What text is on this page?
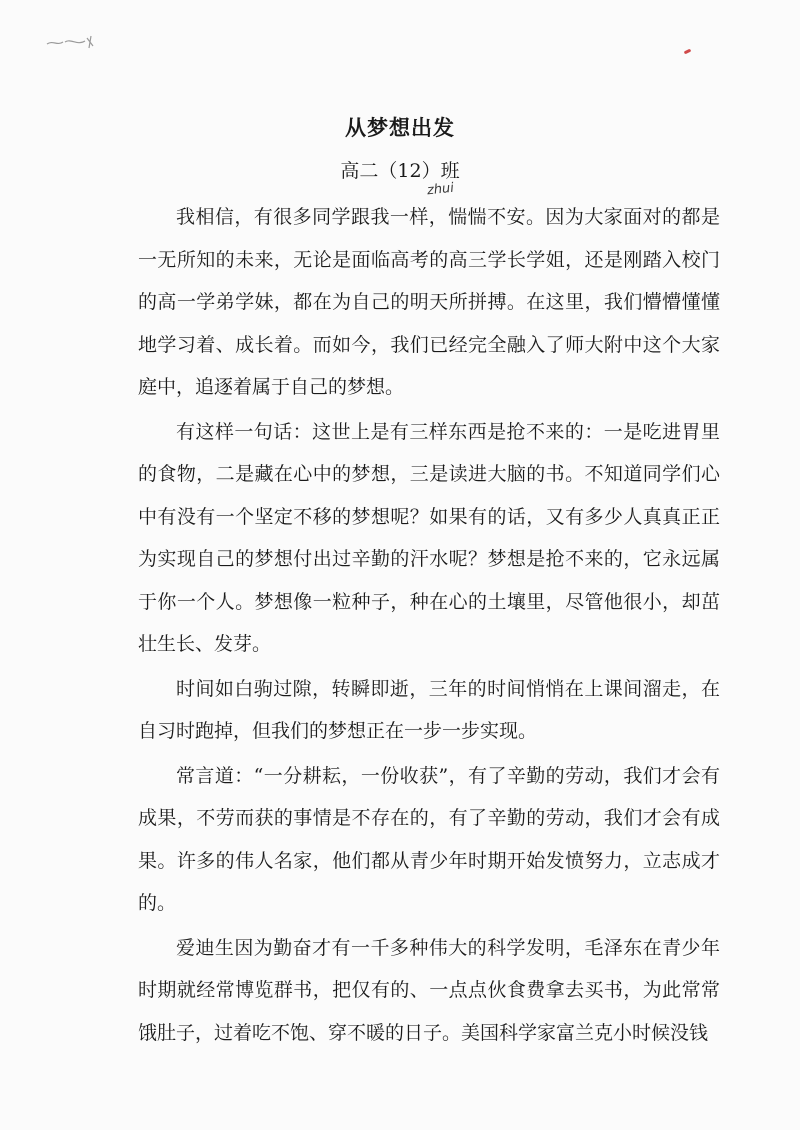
从梦想出发
高二（12）班
zhui

我相信，有很多同学跟我一样，惴惴不安。因为大家面对的都是一无所知的未来，无论是面临高考的高三学长学姐，还是刚踏入校门的高一学弟学妹，都在为自己的明天所拼搏。在这里，我们懵懵懂懂地学习着、成长着。而如今，我们已经完全融入了师大附中这个大家庭中，追逐着属于自己的梦想。

有这样一句话：这世上是有三样东西是抢不来的：一是吃进胃里的食物，二是藏在心中的梦想，三是读进大脑的书。不知道同学们心中有没有一个坚定不移的梦想呢？如果有的话，又有多少人真真正正为实现自己的梦想付出过辛勤的汗水呢？梦想是抢不来的，它永远属于你一个人。梦想像一粒种子，种在心的土壤里，尽管他很小，却茁壮生长、发芽。

时间如白驹过隙，转瞬即逝，三年的时间悄悄在上课间溜走，在自习时跑掉，但我们的梦想正在一步一步实现。

常言道：“一分耕耘，一份收获”，有了辛勤的劳动，我们才会有成果，不劳而获的事情是不存在的，有了辛勤的劳动，我们才会有成果。许多的伟人名家，他们都从青少年时期开始发愤努力，立志成才的。

爱迪生因为勤奋才有一千多种伟大的科学发明，毛泽东在青少年时期就经常博览群书，把仅有的、一点点伙食费拿去买书，为此常常饿肚子，过着吃不饱、穿不暖的日子。美国科学家富兰克小时候没钱
